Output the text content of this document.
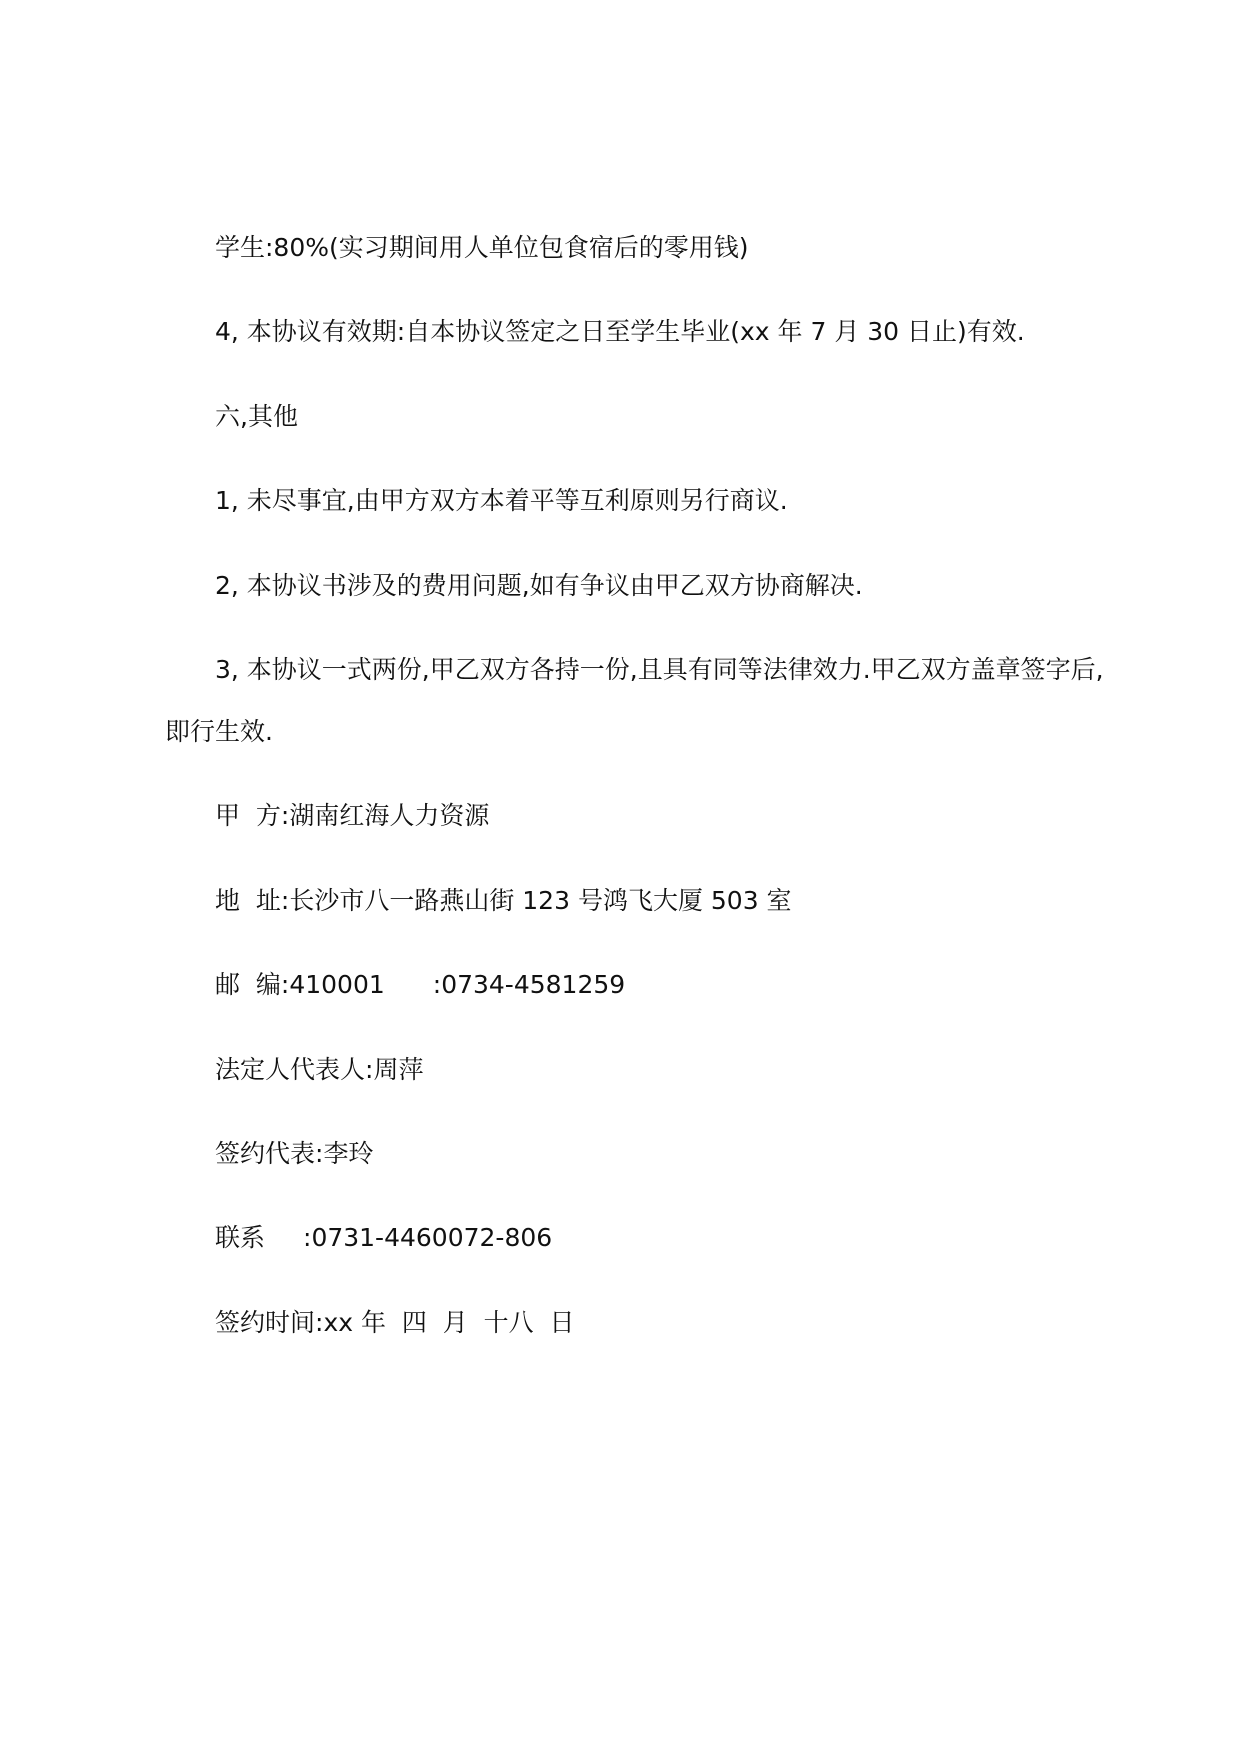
学生:80%(实习期间用人单位包食宿后的零用钱)
4, 本协议有效期:自本协议签定之日至学生毕业(xx 年 7 月 30 日止)有效.
六,其他
1, 未尽事宜,由甲方双方本着平等互利原则另行商议.
2, 本协议书涉及的费用问题,如有争议由甲乙双方协商解决.
3, 本协议一式两份,甲乙双方各持一份,且具有同等法律效力.甲乙双方盖章签字后,
即行生效.
甲  方:湖南红海人力资源
地  址:长沙市八一路燕山街 123 号鸿飞大厦 503 室
邮  编:410001 :0734-4581259
法定人代表人:周萍
签约代表:李玲
联系 :0731-4460072-806
签约时间:xx 年  四  月  十八  日
